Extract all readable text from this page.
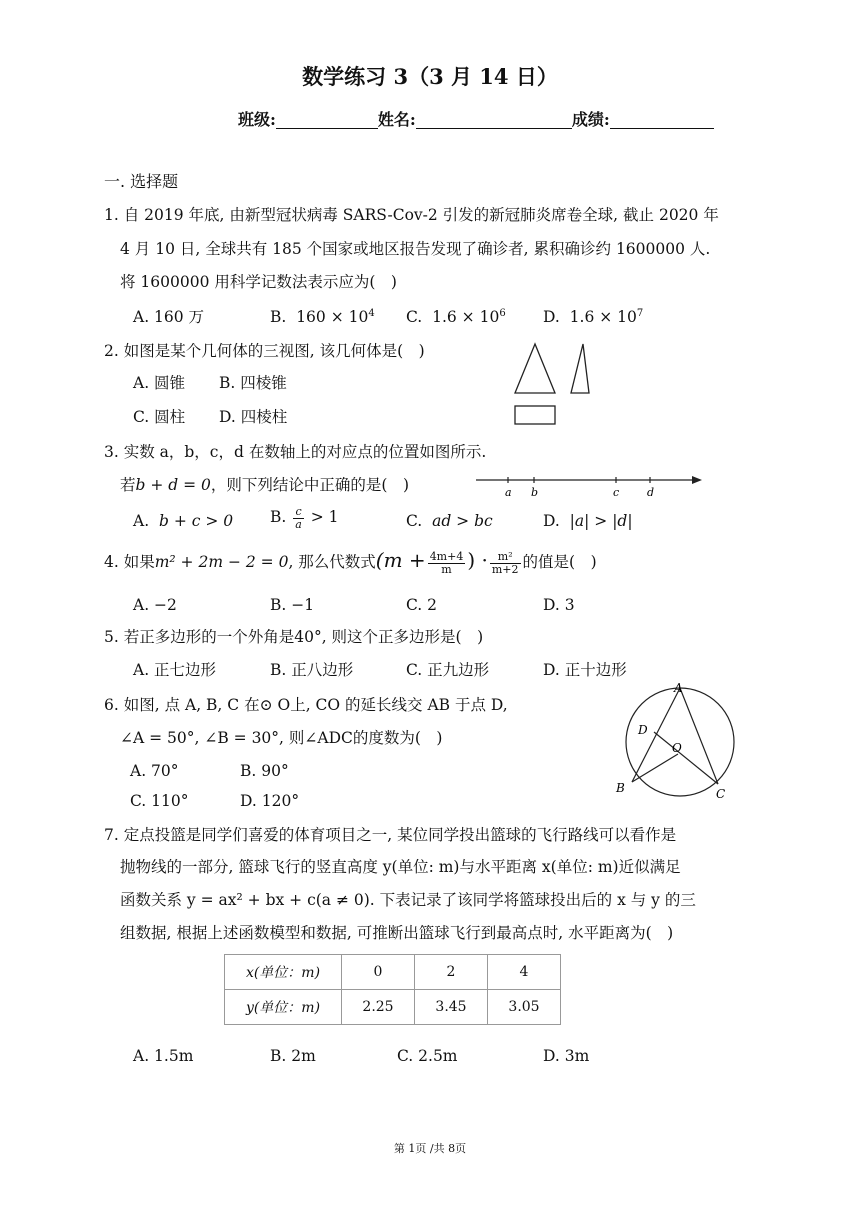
数学练习 3（3 月 14 日）
班级:	姓名:	成绩:
一. 选择题
1. 自 2019 年底, 由新型冠状病毒 SARS-Cov-2 引发的新冠肺炎席卷全球, 截止 2020 年
4 月 10 日, 全球共有 185 个国家或地区报告发现了确诊者, 累积确诊约 1600000 人.
将 1600000 用科学记数法表示应为(  )
A. 160 万	B. $160 \times 10^4$ C. $1.6 \times 10^6$ D. $1.6 \times 10^7$
2. 如图是某个几何体的三视图, 该几何体是(  )
A. 圆锥 B. 四棱锥
C. 圆柱 D. 四棱柱
3. 实数 a，b，c，d 在数轴上的对应点的位置如图所示.
若b + d = 0，则下列结论中正确的是(  )
A. b + c > 0 B. $\frac{c}{a} > 1$	C. ad > bc	D. |a| > |d|
a b	c	d
4. 如果m² + 2m − 2 = 0, 那么代数式($m + \frac{4m+4}{m}$ ) · $\frac{\text{m²}}{m+2}$ 的值是(  )
A. −2	B. −1	C. 2	D. 3
5. 若正多边形的一个外角是40°, 则这个正多边形是(  )
A. 正七边形	B. 正八边形	C. 正九边形	D. 正十边形
6. 如图, 点 A, B, C 在⊙ O上, CO 的延长线交 AB 于点 D,
∠A = 50°, ∠B = 30°, 则∠ADC的度数为(  )
A. 70°	B. 90°
C. 110°	D. 120°
A
B	C
D
O
7. 定点投篮是同学们喜爱的体育项目之一, 某位同学投出篮球的飞行路线可以看作是
抛物线的一部分, 篮球飞行的竖直高度 y(单位: m)与水平距离 x(单位: m)近似满足
函数关系 y = ax² + bx + c(a ≠ 0). 下表记录了该同学将篮球投出后的 x 与 y 的三
组数据, 根据上述函数模型和数据, 可推断出篮球飞行到最高点时, 水平距离为(  )
x(单位：m)	0	2	4
y(单位：m)	2.25	3.45	3.05
A. 1.5m	B. 2m	C. 2.5m	D. 3m
第 1页 /共 8页
